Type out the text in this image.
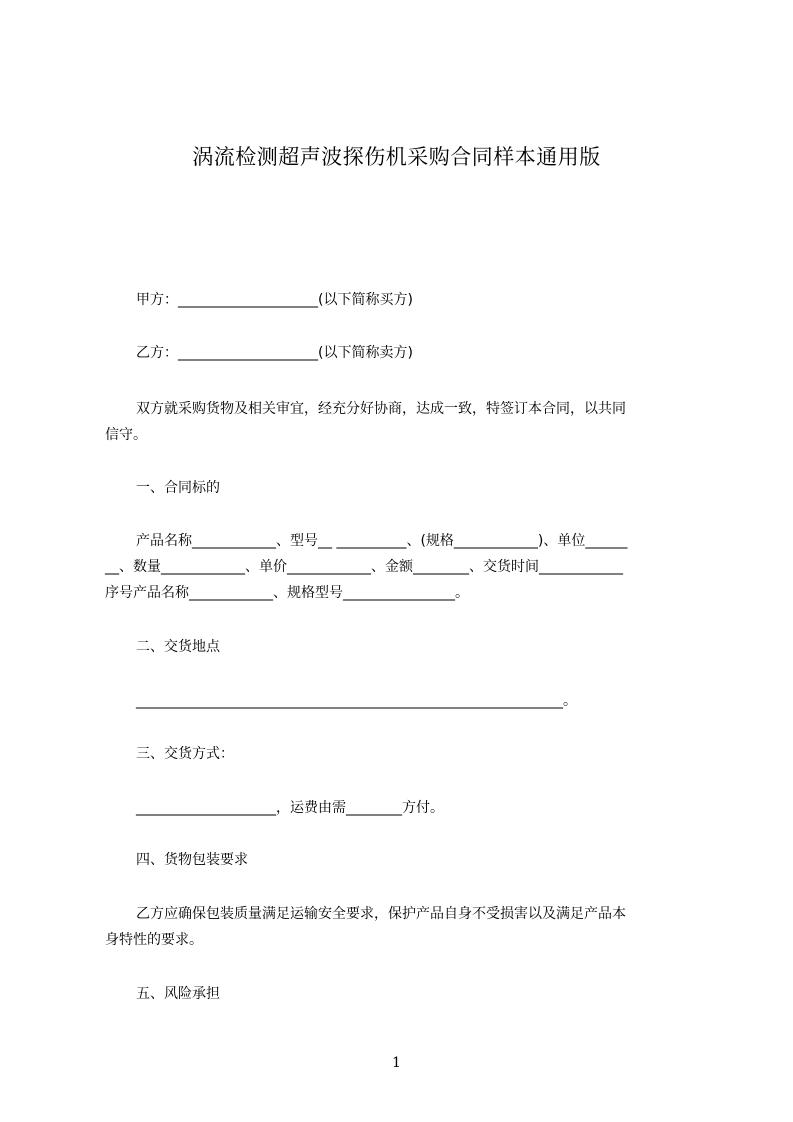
涡流检测超声波探伤机采购合同样本通用版
甲方：____________________(以下简称买方)
乙方：____________________(以下简称卖方)
双方就采购货物及相关审宜，经充分好协商，达成一致，特签订本合同，以共同
信守。
一、合同标的
产品名称____________、型号__ __________、(规格____________)、单位______
__、数量____________、单价____________、金额________、交货时间____________
序号产品名称____________、规格型号________________。
二、交货地点
_____________________________________________________________。
三、交货方式：
____________________，运费由需________方付。
四、货物包装要求
乙方应确保包装质量满足运输安全要求，保护产品自身不受损害以及满足产品本
身特性的要求。
五、风险承担
1
